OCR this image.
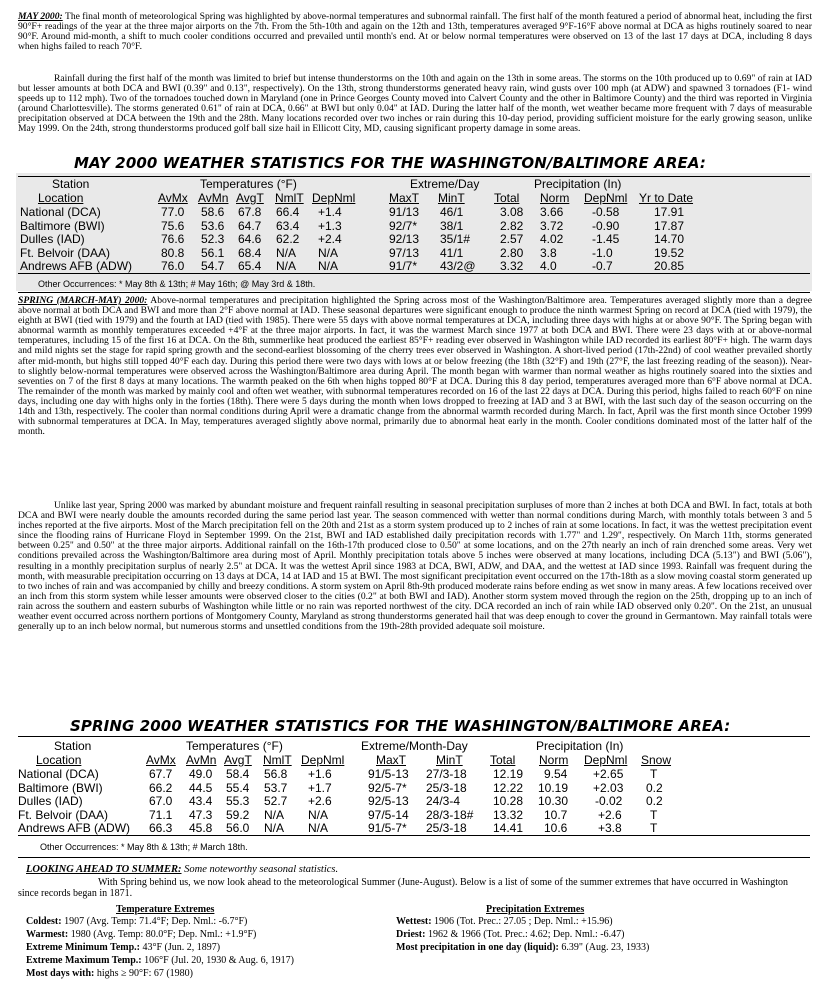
MAY 2000: The final month of meteorological Spring was highlighted by above-normal temperatures and subnormal rainfall. The first half of the month featured a period of abnormal heat, including the first 90°F+ readings of the year at the three major airports on the 7th. From the 5th-10th and again on the 12th and 13th, temperatures averaged 9°F-16°F above normal at DCA as highs routinely soared to near 90°F. Around mid-month, a shift to much cooler conditions occurred and prevailed until month's end. At or below normal temperatures were observed on 13 of the last 17 days at DCA, including 8 days when highs failed to reach 70°F.

Rainfall during the first half of the month was limited to brief but intense thunderstorms on the 10th and again on the 13th in some areas. The storms on the 10th produced up to 0.69" of rain at IAD but lesser amounts at both DCA and BWI (0.39" and 0.13", respectively). On the 13th, strong thunderstorms generated heavy rain, wind gusts over 100 mph (at ADW) and spawned 3 tornadoes (F1- wind speeds up to 112 mph). Two of the tornadoes touched down in Maryland (one in Prince Georges County moved into Calvert County and the other in Baltimore County) and the third was reported in Virginia (around Charlottesville). The storms generated 0.61" of rain at DCA, 0.66" at BWI but only 0.04" at IAD. During the latter half of the month, wet weather became more frequent with 7 days of measurable precipitation observed at DCA between the 19th and the 28th. Many locations recorded over two inches or rain during this 10-day period, providing sufficient moisture for the early growing season, unlike May 1999. On the 24th, strong thunderstorms produced golf ball size hail in Ellicott City, MD, causing significant property damage in some areas.

MAY 2000 WEATHER STATISTICS FOR THE WASHINGTON/BALTIMORE AREA:
Station	Temperatures (°F)	Extreme/Day	Precipitation (In)
Location	AvMx AvMn AvgT NmlT DepNml	MaxT MinT Total Norm DepNml Yr to Date
National (DCA)	77.0 58.6 67.8 66.4 +1.4	91/13 46/1	3.08 3.66 -0.58	17.91
Baltimore (BWI)	75.6 53.6 64.7 63.4 +1.3	92/7* 38/1	2.82 3.72 -0.90	17.87
Dulles (IAD)	76.6 52.3 64.6 62.2 +2.4	92/13 35/1# 2.57 4.02 -1.45	14.70
Ft. Belvoir (DAA)	80.8 56.1 68.4 N/A N/A	97/13 41/1	2.80 3.8	-1.0	19.52
Andrews AFB (ADW) 76.0 54.7 65.4 N/A N/A	91/7* 43/2@ 3.32 4.0	-0.7	20.85
Other Occurrences: * May 8th & 13th; # May 16th; @ May 3rd & 18th.

SPRING (MARCH-MAY) 2000: Above-normal temperatures and precipitation highlighted the Spring across most of the Washington/Baltimore area. Temperatures averaged slightly more than a degree above normal at both DCA and BWI and more than 2°F above normal at IAD. These seasonal departures were significant enough to produce the ninth warmest Spring on record at DCA (tied with 1979), the eighth at BWI (tied with 1979) and the fourth at IAD (tied with 1985). There were 55 days with above normal temperatures at DCA, including three days with highs at or above 90°F. The Spring began with abnormal warmth as monthly temperatures exceeded +4°F at the three major airports. In fact, it was the warmest March since 1977 at both DCA and BWI. There were 23 days with at or above-normal temperatures, including 15 of the first 16 at DCA. On the 8th, summerlike heat produced the earliest 85°F+ reading ever observed in Washington while IAD recorded its earliest 80°F+ high. The warm days and mild nights set the stage for rapid spring growth and the second-earliest blossoming of the cherry trees ever observed in Washington. A short-lived period (17th-22nd) of cool weather prevailed shortly after mid-month, but highs still topped 40°F each day. During this period there were two days with lows at or below freezing (the 18th (32°F) and 19th (27°F, the last freezing reading of the season)). Near- to slightly below-normal temperatures were observed across the Washington/Baltimore area during April. The month began with warmer than normal weather as highs routinely soared into the sixties and seventies on 7 of the first 8 days at many locations. The warmth peaked on the 6th when highs topped 80°F at DCA. During this 8 day period, temperatures averaged more than 6°F above normal at DCA. The remainder of the month was marked by mainly cool and often wet weather, with subnormal temperatures recorded on 16 of the last 22 days at DCA. During this period, highs failed to reach 60°F on nine days, including one day with highs only in the forties (18th). There were 5 days during the month when lows dropped to freezing at IAD and 3 at BWI, with the last such day of the season occurring on the 14th and 13th, respectively. The cooler than normal conditions during April were a dramatic change from the abnormal warmth recorded during March. In fact, April was the first month since October 1999 with subnormal temperatures at DCA. In May, temperatures averaged slightly above normal, primarily due to abnormal heat early in the month. Cooler conditions dominated most of the latter half of the month.

Unlike last year, Spring 2000 was marked by abundant moisture and frequent rainfall resulting in seasonal precipitation surpluses of more than 2 inches at both DCA and BWI. In fact, totals at both DCA and BWI were nearly double the amounts recorded during the same period last year. The season commenced with wetter than normal conditions during March, with monthly totals between 3 and 5 inches reported at the five airports. Most of the March precipitation fell on the 20th and 21st as a storm system produced up to 2 inches of rain at some locations. In fact, it was the wettest precipitation event since the flooding rains of Hurricane Floyd in September 1999. On the 21st, BWI and IAD established daily precipitation records with 1.77" and 1.29", respectively. On March 11th, storms generated between 0.25" and 0.50" at the three major airports. Additional rainfall on the 16th-17th produced close to 0.50" at some locations, and on the 27th nearly an inch of rain drenched some areas. Very wet conditions prevailed across the Washington/Baltimore area during most of April. Monthly precipitation totals above 5 inches were observed at many locations, including DCA (5.13") and BWI (5.06"), resulting in a monthly precipitation surplus of nearly 2.5" at DCA. It was the wettest April since 1983 at DCA, BWI, ADW, and DAA, and the wettest at IAD since 1993. Rainfall was frequent during the month, with measurable precipitation occurring on 13 days at DCA, 14 at IAD and 15 at BWI. The most significant precipitation event occurred on the 17th-18th as a slow moving coastal storm generated up to two inches of rain and was accompanied by chilly and breezy conditions. A storm system on April 8th-9th produced moderate rains before ending as wet snow in many areas. A few locations received over an inch from this storm system while lesser amounts were observed closer to the cities (0.2" at both BWI and IAD). Another storm system moved through the region on the 25th, dropping up to an inch of rain across the southern and eastern suburbs of Washington while little or no rain was reported northwest of the city. DCA recorded an inch of rain while IAD observed only 0.20". On the 21st, an unusual weather event occurred across northern portions of Montgomery County, Maryland as strong thunderstorms generated hail that was deep enough to cover the ground in Germantown. May rainfall totals were generally up to an inch below normal, but numerous storms and unsettled conditions from the 19th-28th provided adequate soil moisture.

SPRING 2000 WEATHER STATISTICS FOR THE WASHINGTON/BALTIMORE AREA:
Station	Temperatures (°F)	Extreme/Month-Day	Precipitation (In)
Location	AvMx AvMn AvgT NmlT DepNml	MaxT	MinT Total Norm DepNml Snow
National (DCA)	67.7 49.0 58.4 56.8 +1.6	91/5-13 27/3-18 12.19 9.54 +2.65 T
Baltimore (BWI)	66.2 44.5 55.4 53.7 +1.7	92/5-7* 25/3-18 12.22 10.19 +2.03 0.2
Dulles (IAD)	67.0 43.4 55.3 52.7 +2.6	92/5-13 24/3-4	10.28 10.30 -0.02 0.2
Ft. Belvoir (DAA)	71.1 47.3 59.2 N/A N/A	97/5-14 28/3-18# 13.32 10.7	+2.6 T
Andrews AFB (ADW) 66.3 45.8 56.0 N/A N/A	91/5-7* 25/3-18 14.41 10.6	+3.8 T
Other Occurrences: * May 8th & 13th; # March 18th.

LOOKING AHEAD TO SUMMER: Some noteworthy seasonal statistics.

With Spring behind us, we now look ahead to the meteorological Summer (June-August). Below is a list of some of the summer extremes that have occurred in Washington since records began in 1871.

Temperature Extremes	Precipitation Extremes
Coldest: 1907 (Avg. Temp: 71.4°F; Dep. Nml.: -6.7°F)
Warmest: 1980 (Avg. Temp: 80.0°F; Dep. Nml.: +1.9°F)
Extreme Minimum Temp.: 43°F (Jun. 2, 1897)
Extreme Maximum Temp.: 106°F (Jul. 20, 1930 & Aug. 6, 1917)
Most days with: highs ≥ 90°F: 67 (1980)
Wettest: 1906 (Tot. Prec.: 27.05 ; Dep. Nml.: +15.96)
Driest: 1962 & 1966 (Tot. Prec.: 4.62; Dep. Nml.: -6.47)
Most precipitation in one day (liquid): 6.39" (Aug. 23, 1933)
